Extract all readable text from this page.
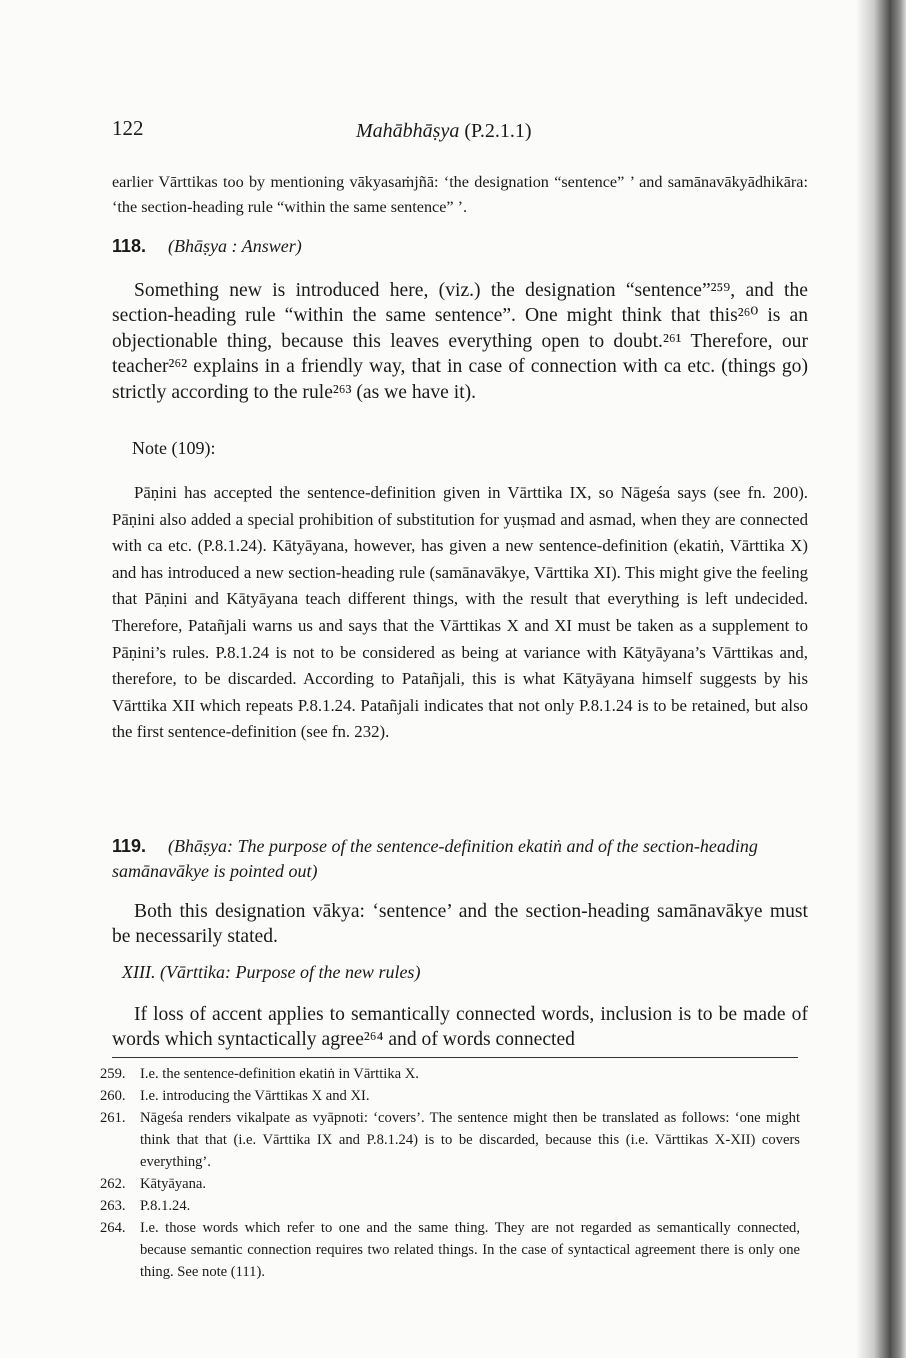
122	Mahābhāṣya (P.2.1.1)

earlier Vārttikas too by mentioning vākyasaṁjñā: ‘the designation “sentence” ’ and samānavākyādhikāra: ‘the section-heading rule “within the same sentence” ’.

118. (Bhāṣya : Answer)

Something new is introduced here, (viz.) the designation “sentence”²⁵⁹, and the section-heading rule “within the same sentence”. One might think that this²⁶⁰ is an objectionable thing, because this leaves everything open to doubt.²⁶¹ Therefore, our teacher²⁶² explains in a friendly way, that in case of connection with ca etc. (things go) strictly according to the rule²⁶³ (as we have it).

Note (109):

Pāṇini has accepted the sentence-definition given in Vārttika IX, so Nāgeśa says (see fn. 200). Pāṇini also added a special prohibition of substitution for yuṣmad and asmad, when they are connected with ca etc. (P.8.1.24). Kātyāyana, however, has given a new sentence-definition (ekatiṅ, Vārttika X) and has introduced a new section-heading rule (samānavākye, Vārttika XI). This might give the feeling that Pāṇini and Kātyāyana teach different things, with the result that everything is left undecided. Therefore, Patañjali warns us and says that the Vārttikas X and XI must be taken as a supplement to Pāṇini’s rules. P.8.1.24 is not to be considered as being at variance with Kātyāyana’s Vārttikas and, therefore, to be discarded. According to Patañjali, this is what Kātyāyana himself suggests by his Vārttika XII which repeats P.8.1.24. Patañjali indicates that not only P.8.1.24 is to be retained, but also the first sentence-definition (see fn. 232).

119. (Bhāṣya: The purpose of the sentence-definition ekatiṅ and of the section-heading samānavākye is pointed out)

Both this designation vākya: ‘sentence’ and the section-heading samānavākye must be necessarily stated.

XIII. (Vārttika: Purpose of the new rules)

If loss of accent applies to semantically connected words, inclusion is to be made of words which syntactically agree²⁶⁴ and of words connected

259. I.e. the sentence-definition ekatiṅ in Vārttika X.
260. I.e. introducing the Vārttikas X and XI.
261. Nāgeśa renders vikalpate as vyāpnoti: ‘covers’. The sentence might then be translated as follows: ‘one might think that that (i.e. Vārttika IX and P.8.1.24) is to be discarded, because this (i.e. Vārttikas X-XII) covers everything’.
262. Kātyāyana.
263. P.8.1.24.
264. I.e. those words which refer to one and the same thing. They are not regarded as semantically connected, because semantic connection requires two related things. In the case of syntactical agreement there is only one thing. See note (111).
